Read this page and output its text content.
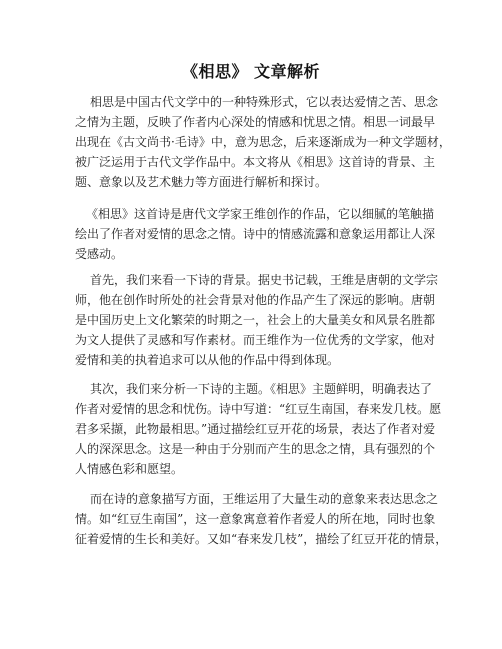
《相思》 文章解析
相思是中国古代文学中的一种特殊形式，它以表达爱情之苦、思念
之情为主题，反映了作者内心深处的情感和忧思之情。相思一词最早
出现在《古文尚书·毛诗》中，意为思念，后来逐渐成为一种文学题材，
被广泛运用于古代文学作品中。本文将从《相思》这首诗的背景、主
题、意象以及艺术魅力等方面进行解析和探讨。
《相思》这首诗是唐代文学家王维创作的作品，它以细腻的笔触描
绘出了作者对爱情的思念之情。诗中的情感流露和意象运用都让人深
受感动。
首先，我们来看一下诗的背景。据史书记载，王维是唐朝的文学宗
师，他在创作时所处的社会背景对他的作品产生了深远的影响。唐朝
是中国历史上文化繁荣的时期之一，社会上的大量美女和风景名胜都
为文人提供了灵感和写作素材。而王维作为一位优秀的文学家，他对
爱情和美的执着追求可以从他的作品中得到体现。
其次，我们来分析一下诗的主题。《相思》主题鲜明，明确表达了
作者对爱情的思念和忧伤。诗中写道：“红豆生南国，春来发几枝。愿
君多采撷，此物最相思。”通过描绘红豆开花的场景，表达了作者对爱
人的深深思念。这是一种由于分别而产生的思念之情，具有强烈的个
人情感色彩和愿望。
而在诗的意象描写方面，王维运用了大量生动的意象来表达思念之
情。如“红豆生南国”，这一意象寓意着作者爱人的所在地，同时也象
征着爱情的生长和美好。又如“春来发几枝”，描绘了红豆开花的情景，
